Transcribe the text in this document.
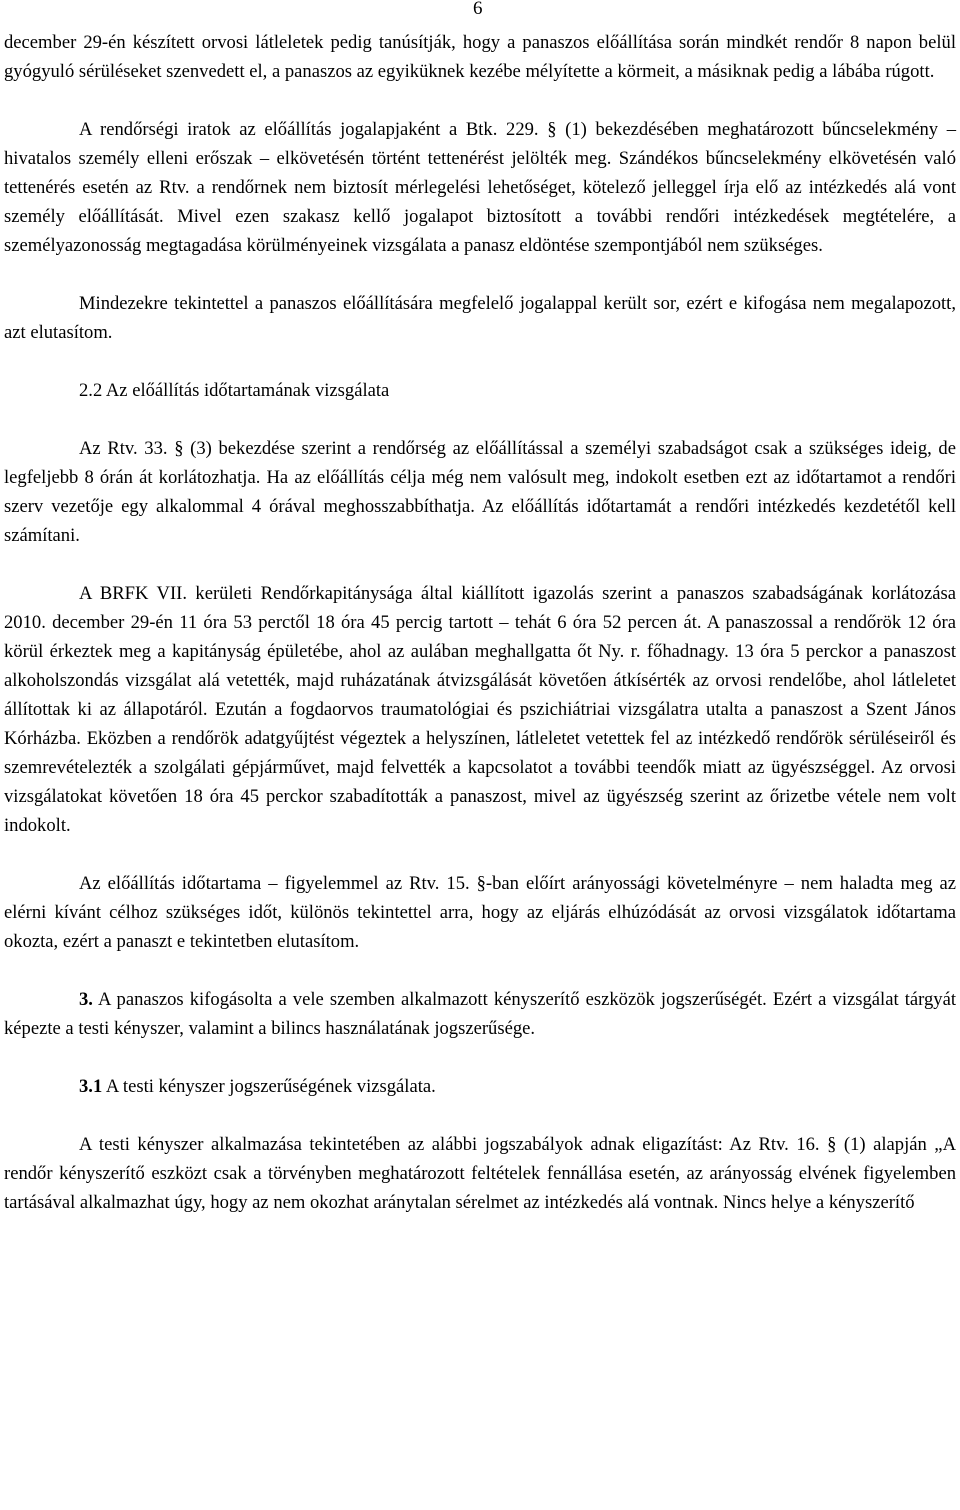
6

december 29-én készített orvosi látleletek pedig tanúsítják, hogy a panaszos előállítása során mindkét rendőr 8 napon belül gyógyuló sérüléseket szenvedett el, a panaszos az egyiküknek kezébe mélyítette a körmeit, a másiknak pedig a lábába rúgott.

A rendőrségi iratok az előállítás jogalapjaként a Btk. 229. § (1) bekezdésében meghatározott bűncselekmény – hivatalos személy elleni erőszak – elkövetésén történt tettenérést jelölték meg. Szándékos bűncselekmény elkövetésén való tettenérés esetén az Rtv. a rendőrnek nem biztosít mérlegelési lehetőséget, kötelező jelleggel írja elő az intézkedés alá vont személy előállítását. Mivel ezen szakasz kellő jogalapot biztosított a további rendőri intézkedések megtételére, a személyazonosság megtagadása körülményeinek vizsgálata a panasz eldöntése szempontjából nem szükséges.

Mindezekre tekintettel a panaszos előállítására megfelelő jogalappal került sor, ezért e kifogása nem megalapozott, azt elutasítom.

2.2 Az előállítás időtartamának vizsgálata

Az Rtv. 33. § (3) bekezdése szerint a rendőrség az előállítással a személyi szabadságot csak a szükséges ideig, de legfeljebb 8 órán át korlátozhatja. Ha az előállítás célja még nem valósult meg, indokolt esetben ezt az időtartamot a rendőri szerv vezetője egy alkalommal 4 órával meghosszabbíthatja. Az előállítás időtartamát a rendőri intézkedés kezdetétől kell számítani.

A BRFK VII. kerületi Rendőrkapitánysága által kiállított igazolás szerint a panaszos szabadságának korlátozása 2010. december 29-én 11 óra 53 perctől 18 óra 45 percig tartott – tehát 6 óra 52 percen át. A panaszossal a rendőrök 12 óra körül érkeztek meg a kapitányság épületébe, ahol az aulában meghallgatta őt Ny. r. főhadnagy. 13 óra 5 perckor a panaszost alkoholszondás vizsgálat alá vetették, majd ruházatának átvizsgálását követően átkísérték az orvosi rendelőbe, ahol látleletet állítottak ki az állapotáról. Ezután a fogdaorvos traumatológiai és pszichiátriai vizsgálatra utalta a panaszost a Szent János Kórházba. Eközben a rendőrök adatgyűjtést végeztek a helyszínen, látleletet vetettek fel az intézkedő rendőrök sérüléseiről és szemrevételezték a szolgálati gépjárművet, majd felvették a kapcsolatot a további teendők miatt az ügyészséggel. Az orvosi vizsgálatokat követően 18 óra 45 perckor szabadították a panaszost, mivel az ügyészség szerint az őrizetbe vétele nem volt indokolt.

Az előállítás időtartama – figyelemmel az Rtv. 15. §-ban előírt arányossági követelményre – nem haladta meg az elérni kívánt célhoz szükséges időt, különös tekintettel arra, hogy az eljárás elhúzódását az orvosi vizsgálatok időtartama okozta, ezért a panaszt e tekintetben elutasítom.

3. A panaszos kifogásolta a vele szemben alkalmazott kényszerítő eszközök jogszerűségét. Ezért a vizsgálat tárgyát képezte a testi kényszer, valamint a bilincs használatának jogszerűsége.

3.1 A testi kényszer jogszerűségének vizsgálata.

A testi kényszer alkalmazása tekintetében az alábbi jogszabályok adnak eligazítást: Az Rtv. 16. § (1) alapján „A rendőr kényszerítő eszközt csak a törvényben meghatározott feltételek fennállása esetén, az arányosság elvének figyelemben tartásával alkalmazhat úgy, hogy az nem okozhat aránytalan sérelmet az intézkedés alá vontnak. Nincs helye a kényszerítő
